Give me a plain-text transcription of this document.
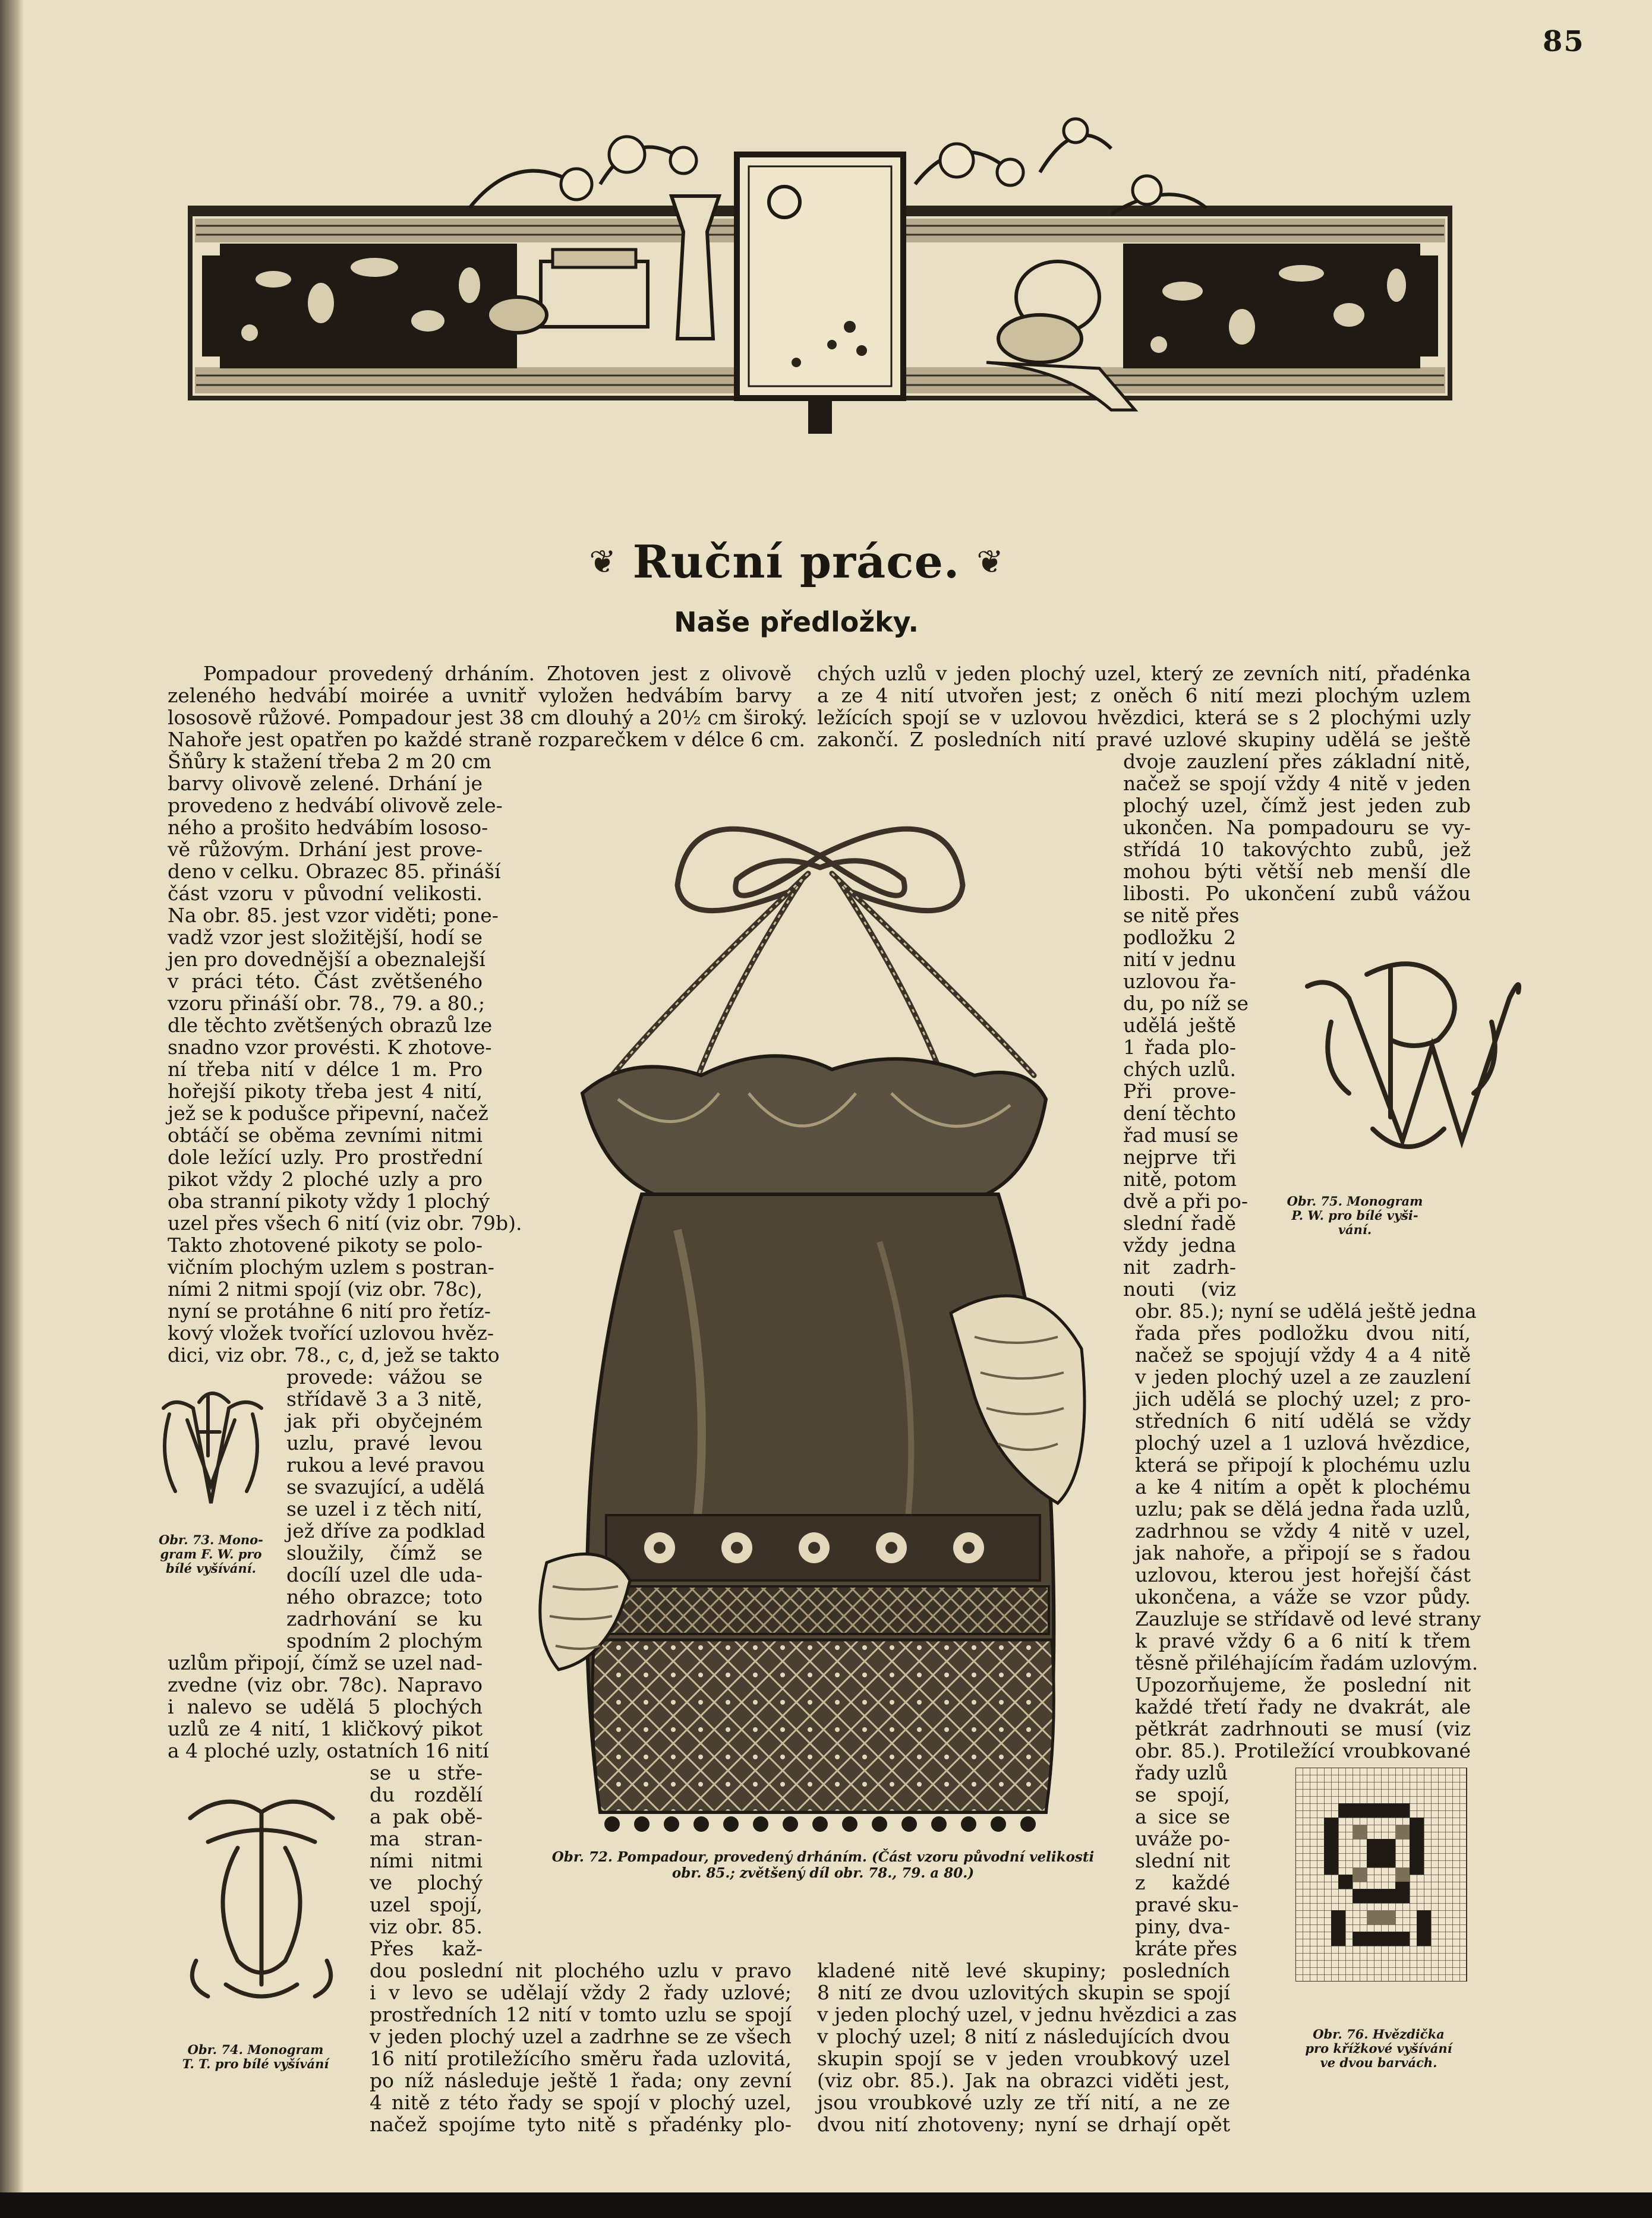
85
❦ Ruční práce. ❦
Naše předložky.
Pompadour provedený drháním. Zhotoven jest z olivově
zeleného hedvábí moirée a uvnitř vyložen hedvábím barvy
lososově růžové. Pompadour jest 38 cm dlouhý a 20½ cm široký.
Nahoře jest opatřen po každé straně rozparečkem v délce 6 cm.
chých uzlů v jeden plochý uzel, který ze zevních nití, přadénka
a ze 4 nití utvořen jest; z oněch 6 nití mezi plochým uzlem
ležících spojí se v uzlovou hvězdici, která se s 2 plochými uzly
zakončí. Z posledních nití pravé uzlové skupiny udělá se ještě
Šňůry k stažení třeba 2 m 20 cm
barvy olivově zelené. Drhání je
provedeno z hedvábí olivově zele-
ného a prošito hedvábím lososo-
vě růžovým. Drhání jest prove-
deno v celku. Obrazec 85. přináší
část vzoru v původní velikosti.
Na obr. 85. jest vzor viděti; pone-
vadž vzor jest složitější, hodí se
jen pro dovednější a obeznalejší
v práci této. Část zvětšeného
vzoru přináší obr. 78., 79. a 80.;
dle těchto zvětšených obrazů lze
snadno vzor provésti. K zhotove-
ní třeba nití v délce 1 m. Pro
hořejší pikoty třeba jest 4 nití,
jež se k podušce připevní, načež
obtáčí se oběma zevními nitmi
dole ležící uzly. Pro prostřední
pikot vždy 2 ploché uzly a pro
oba stranní pikoty vždy 1 plochý
uzel přes všech 6 nití (viz obr. 79b).
Takto zhotovené pikoty se polo-
vičním plochým uzlem s postran-
ními 2 nitmi spojí (viz obr. 78c),
nyní se protáhne 6 nití pro řetíz-
kový vložek tvořící uzlovou hvěz-
dici, viz obr. 78., c, d, jež se takto
provede: vážou se
střídavě 3 a 3 nitě,
jak při obyčejném
uzlu, pravé levou
rukou a levé pravou
se svazující, a udělá
se uzel i z těch nití,
jež dříve za podklad
sloužily, čímž se
docílí uzel dle uda-
ného obrazce; toto
zadrhování se ku
spodním 2 plochým
uzlům připojí, čímž se uzel nad-
zvedne (viz obr. 78c). Napravo
i nalevo se udělá 5 plochých
uzlů ze 4 nití, 1 kličkový pikot
a 4 ploché uzly, ostatních 16 nití
se u stře-
du rozdělí
a pak obě-
ma stran-
ními nitmi
ve plochý
uzel spojí,
viz obr. 85.
Přes kaž-
dou poslední nit plochého uzlu v pravo
i v levo se udělají vždy 2 řady uzlové;
prostředních 12 nití v tomto uzlu se spojí
v jeden plochý uzel a zadrhne se ze všech
16 nití protiležícího směru řada uzlovitá,
po níž následuje ještě 1 řada; ony zevní
4 nitě z této řady se spojí v plochý uzel,
načež spojíme tyto nitě s přadénky plo-
dvoje zauzlení přes základní nitě,
načež se spojí vždy 4 nitě v jeden
plochý uzel, čímž jest jeden zub
ukončen. Na pompadouru se vy-
střídá 10 takovýchto zubů, jež
mohou býti větší neb menší dle
libosti. Po ukončení zubů vážou
se nitě přes
podložku 2
nití v jednu
uzlovou řa-
du, po níž se
udělá ještě
1 řada plo-
chých uzlů.
Při prove-
dení těchto
řad musí se
nejprve tři
nitě, potom
dvě a při po-
slední řadě
vždy jedna
nit zadrh-
nouti (viz
obr. 85.); nyní se udělá ještě jedna
řada přes podložku dvou nití,
načež se spojují vždy 4 a 4 nitě
v jeden plochý uzel a ze zauzlení
jich udělá se plochý uzel; z pro-
středních 6 nití udělá se vždy
plochý uzel a 1 uzlová hvězdice,
která se připojí k plochému uzlu
a ke 4 nitím a opět k plochému
uzlu; pak se dělá jedna řada uzlů,
zadrhnou se vždy 4 nitě v uzel,
jak nahoře, a připojí se s řadou
uzlovou, kterou jest hořejší část
ukončena, a váže se vzor půdy.
Zauzluje se střídavě od levé strany
k pravé vždy 6 a 6 nití k třem
těsně přiléhajícím řadám uzlovým.
Upozorňujeme, že poslední nit
každé třetí řady ne dvakrát, ale
pětkrát zadrhnouti se musí (viz
obr. 85.). Protiležící vroubkované
řady uzlů
se spojí,
a sice se
uváže po-
slední nit
z každé
pravé sku-
piny, dva-
kráte přes
kladené nitě levé skupiny; posledních
8 nití ze dvou uzlovitých skupin se spojí
v jeden plochý uzel, v jednu hvězdici a zas
v plochý uzel; 8 nití z následujících dvou
skupin spojí se v jeden vroubkový uzel
(viz obr. 85.). Jak na obrazci viděti jest,
jsou vroubkové uzly ze tří nití, a ne ze
dvou nití zhotoveny; nyní se drhají opět
Obr. 72. Pompadour, provedený drháním. (Část vzoru původní velikosti
obr. 85.; zvětšený díl obr. 78., 79. a 80.)
Obr. 73. Mono-
gram F. W. pro
bílé vyšívání.
Obr. 74. Monogram
T. T. pro bílé vyšívání
Obr. 75. Monogram
P. W. pro bílé vyši-
vání.
Obr. 76. Hvězdička
pro křížkové vyšívání
ve dvou barvách.
